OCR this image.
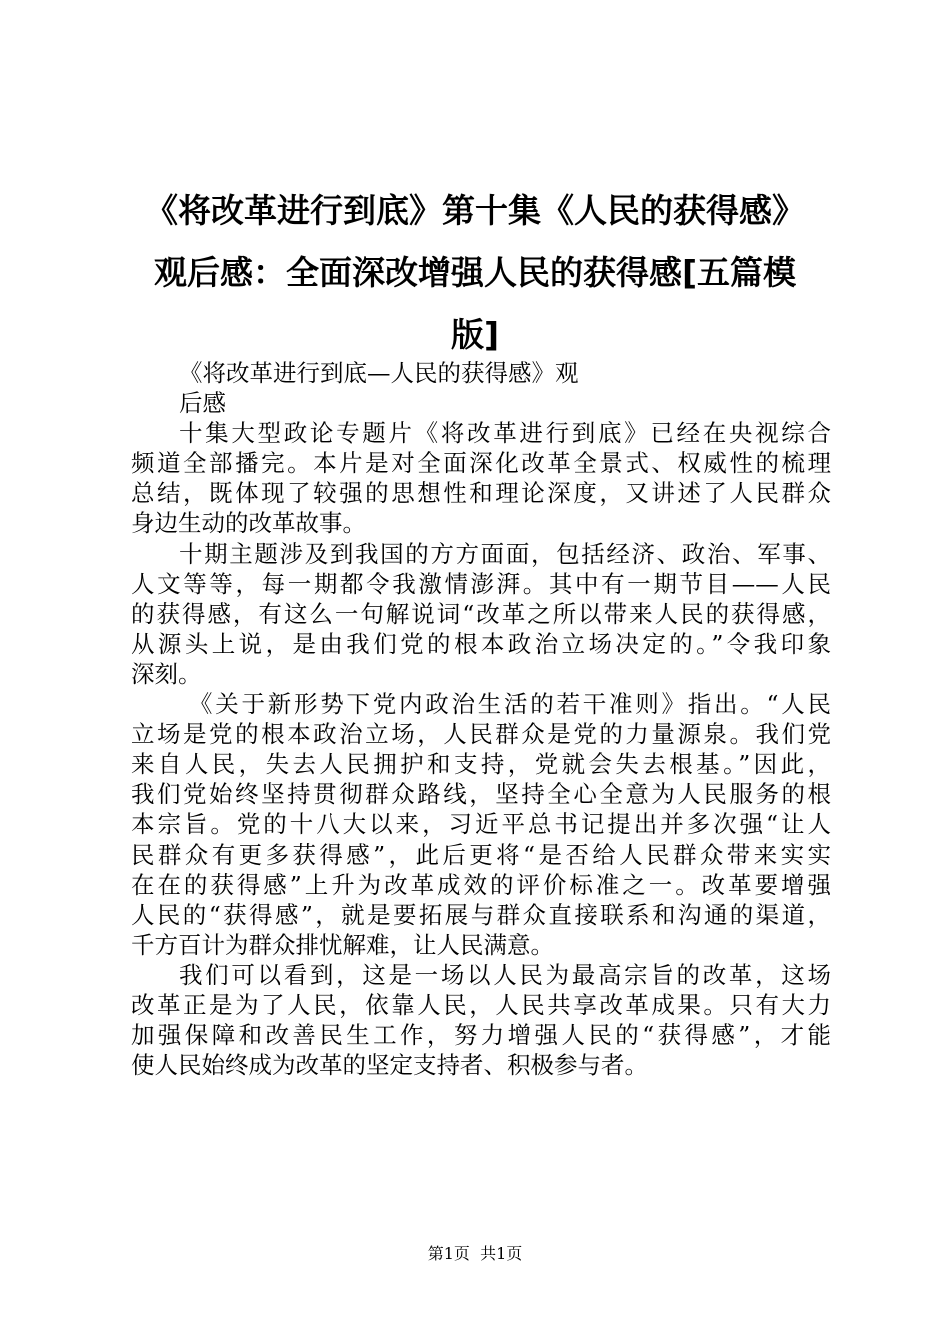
《将改革进行到底》第十集《人民的获得感》
观后感：全面深改增强人民的获得感[五篇模
版]
《将改革进行到底—人民的获得感》观
后感
十集大型政论专题片《将改革进行到底》已经在央视综合
频道全部播完。本片是对全面深化改革全景式、权威性的梳理
总结，既体现了较强的思想性和理论深度，又讲述了人民群众
身边生动的改革故事。
十期主题涉及到我国的方方面面，包括经济、政治、军事、
人文等等，每一期都令我激情澎湃。其中有一期节目——人民
的获得感，有这么一句解说词“改革之所以带来人民的获得感，
从源头上说，是由我们党的根本政治立场决定的。”令我印象
深刻。
《关于新形势下党内政治生活的若干准则》指出。“人民
立场是党的根本政治立场，人民群众是党的力量源泉。我们党
来自人民，失去人民拥护和支持，党就会失去根基。”因此，
我们党始终坚持贯彻群众路线，坚持全心全意为人民服务的根
本宗旨。党的十八大以来，习近平总书记提出并多次强“让人
民群众有更多获得感”，此后更将“是否给人民群众带来实实
在在的获得感”上升为改革成效的评价标准之一。改革要增强
人民的“获得感”，就是要拓展与群众直接联系和沟通的渠道，
千方百计为群众排忧解难，让人民满意。
我们可以看到，这是一场以人民为最高宗旨的改革，这场
改革正是为了人民，依靠人民，人民共享改革成果。只有大力
加强保障和改善民生工作，努力增强人民的“获得感”，才能
使人民始终成为改革的坚定支持者、积极参与者。
第1页  共1页
